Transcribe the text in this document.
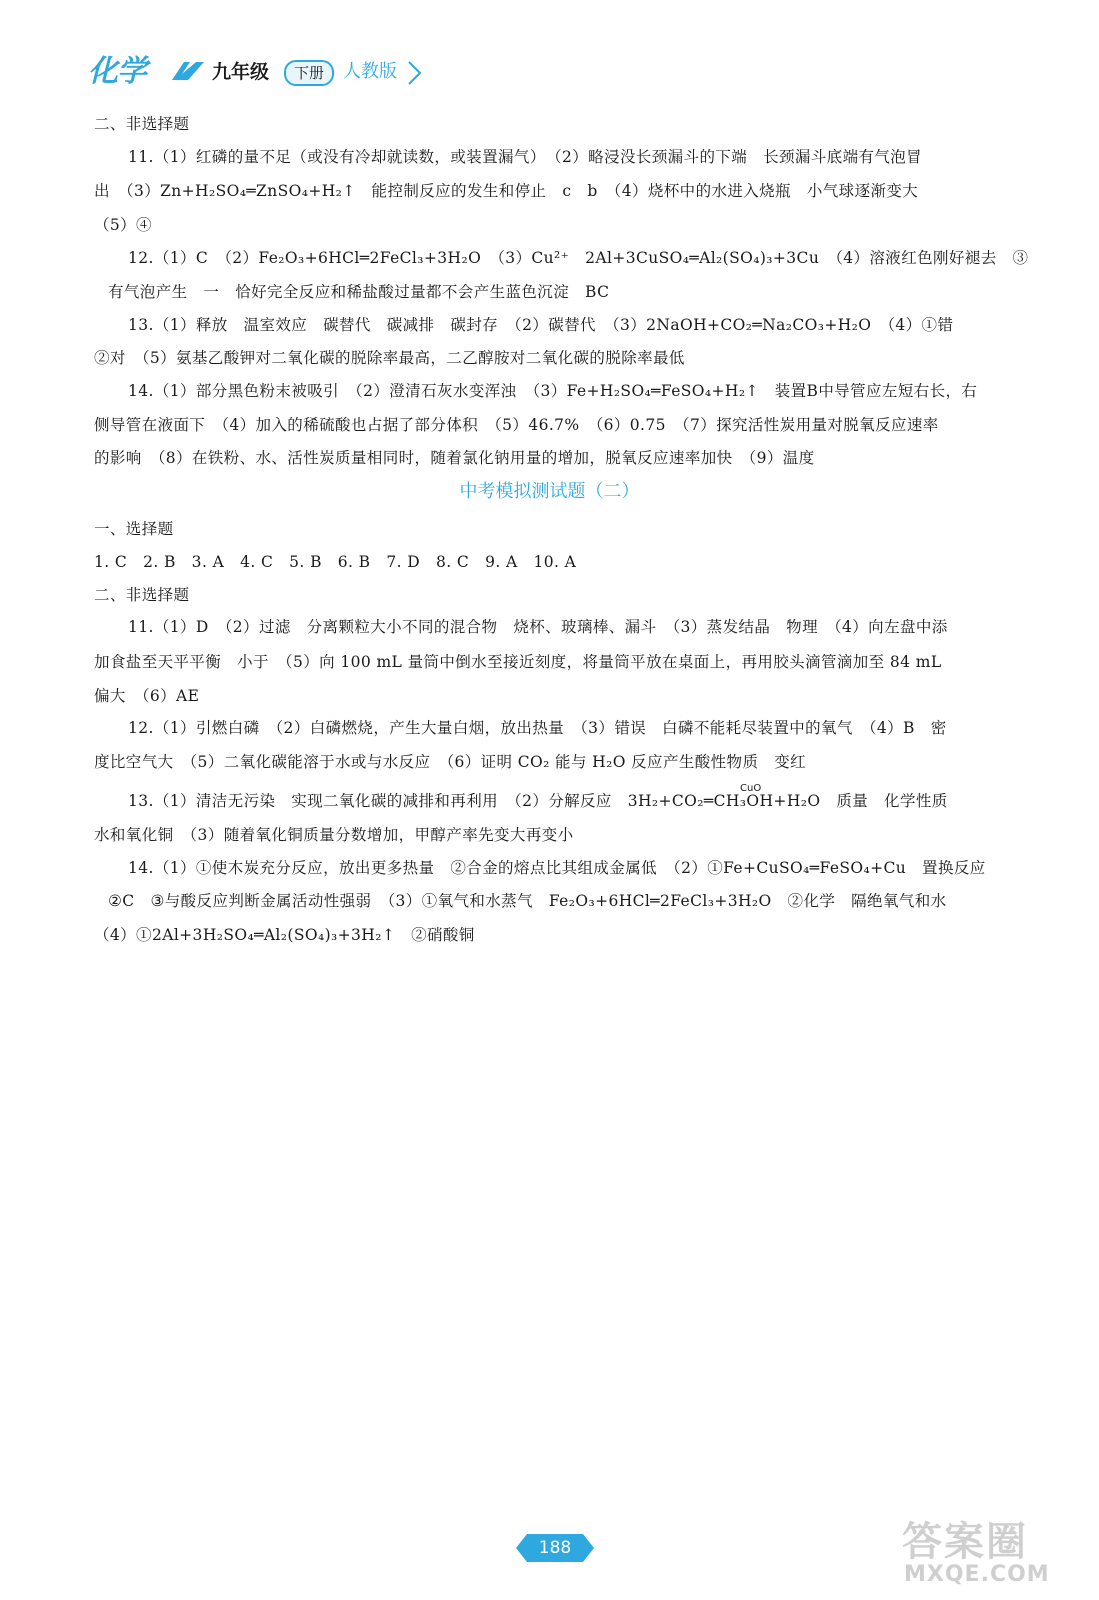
化学	九年级	下册	人教版
二、非选择题
11.（1）红磷的量不足（或没有冷却就读数，或装置漏气）　（2）略浸没长颈漏斗的下端　长颈漏斗底端有气泡冒
出　（3）Zn+H₂SO₄═ZnSO₄+H₂↑　能控制反应的发生和停止　c　b　（4）烧杯中的水进入烧瓶　小气球逐渐变大
（5）④
12.（1）C　（2）Fe₂O₃+6HCl═2FeCl₃+3H₂O　（3）Cu²⁺　2Al+3CuSO₄═Al₂(SO₄)₃+3Cu　（4）溶液红色刚好褪去　③
有气泡产生　一　恰好完全反应和稀盐酸过量都不会产生蓝色沉淀　BC
13.（1）释放　温室效应　碳替代　碳减排　碳封存　（2）碳替代　（3）2NaOH+CO₂═Na₂CO₃+H₂O　（4）①错
②对　（5）氨基乙酸钾对二氧化碳的脱除率最高，二乙醇胺对二氧化碳的脱除率最低
14.（1）部分黑色粉末被吸引　（2）澄清石灰水变浑浊　（3）Fe+H₂SO₄═FeSO₄+H₂↑　装置B中导管应左短右长，右
侧导管在液面下　（4）加入的稀硫酸也占据了部分体积　（5）46.7%　（6）0.75　（7）探究活性炭用量对脱氧反应速率
的影响　（8）在铁粉、水、活性炭质量相同时，随着氯化钠用量的增加，脱氧反应速率加快　（9）温度
中考模拟测试题（二）
一、选择题
1. C　2. B　3. A　4. C　5. B　6. B　7. D　8. C　9. A　10. A
二、非选择题
11.（1）D　（2）过滤　分离颗粒大小不同的混合物　烧杯、玻璃棒、漏斗　（3）蒸发结晶　物理　（4）向左盘中添
加食盐至天平平衡　小于　（5）向 100 mL 量筒中倒水至接近刻度，将量筒平放在桌面上，再用胶头滴管滴加至 84 mL
偏大　（6）AE
12.（1）引燃白磷　（2）白磷燃烧，产生大量白烟，放出热量　（3）错误　白磷不能耗尽装置中的氧气　（4）B　密
度比空气大　（5）二氧化碳能溶于水或与水反应　（6）证明 CO₂ 能与 H₂O 反应产生酸性物质　变红
13.（1）清洁无污染　实现二氧化碳的减排和再利用　（2）分解反应　3H₂+CO₂═CH₃OH+H₂O　质量　化学性质
CuO
水和氧化铜　（3）随着氧化铜质量分数增加，甲醇产率先变大再变小
14.（1）①使木炭充分反应，放出更多热量　②合金的熔点比其组成金属低　（2）①Fe+CuSO₄═FeSO₄+Cu　置换反应
②C　③与酸反应判断金属活动性强弱　（3）①氧气和水蒸气　Fe₂O₃+6HCl═2FeCl₃+3H₂O　②化学　隔绝氧气和水
（4）①2Al+3H₂SO₄═Al₂(SO₄)₃+3H₂↑　②硝酸铜
188	答案圈
MXQE.COM
